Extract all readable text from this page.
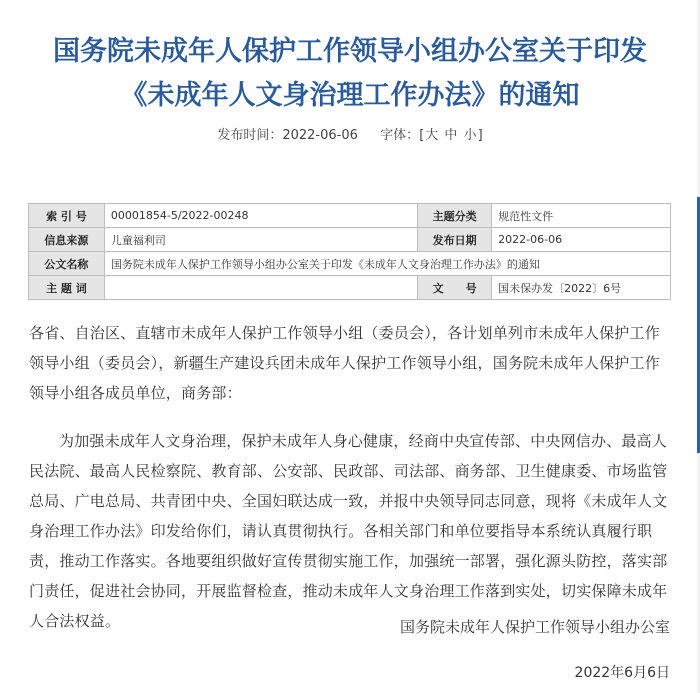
国务院未成年人保护工作领导小组办公室关于印发
《未成年人文身治理工作办法》的通知
发布时间：2022-06-06 字体：[大 中 小]
索 引 号	00001854-5/2022-00248	主题分类	规范性文件
信息来源	儿童福利司	发布日期	2022-06-06
公文名称	国务院未成年人保护工作领导小组办公室关于印发《未成年人文身治理工作办法》的通知		
主 题 词		文　　号	国未保办发〔2022〕6号
各省、自治区、直辖市未成年人保护工作领导小组（委员会），各计划单列市未成年人保护工作领导小组（委员会），新疆生产建设兵团未成年人保护工作领导小组，国务院未成年人保护工作领导小组各成员单位，商务部：
为加强未成年人文身治理，保护未成年人身心健康，经商中央宣传部、中央网信办、最高人民法院、最高人民检察院、教育部、公安部、民政部、司法部、商务部、卫生健康委、市场监管总局、广电总局、共青团中央、全国妇联达成一致，并报中央领导同志同意，现将《未成年人文身治理工作办法》印发给你们，请认真贯彻执行。各相关部门和单位要指导本系统认真履行职责，推动工作落实。各地要组织做好宣传贯彻实施工作，加强统一部署，强化源头防控，落实部门责任，促进社会协同，开展监督检查，推动未成年人文身治理工作落到实处，切实保障未成年人合法权益。	国务院未成年人保护工作领导小组办公室
2022年6月6日
